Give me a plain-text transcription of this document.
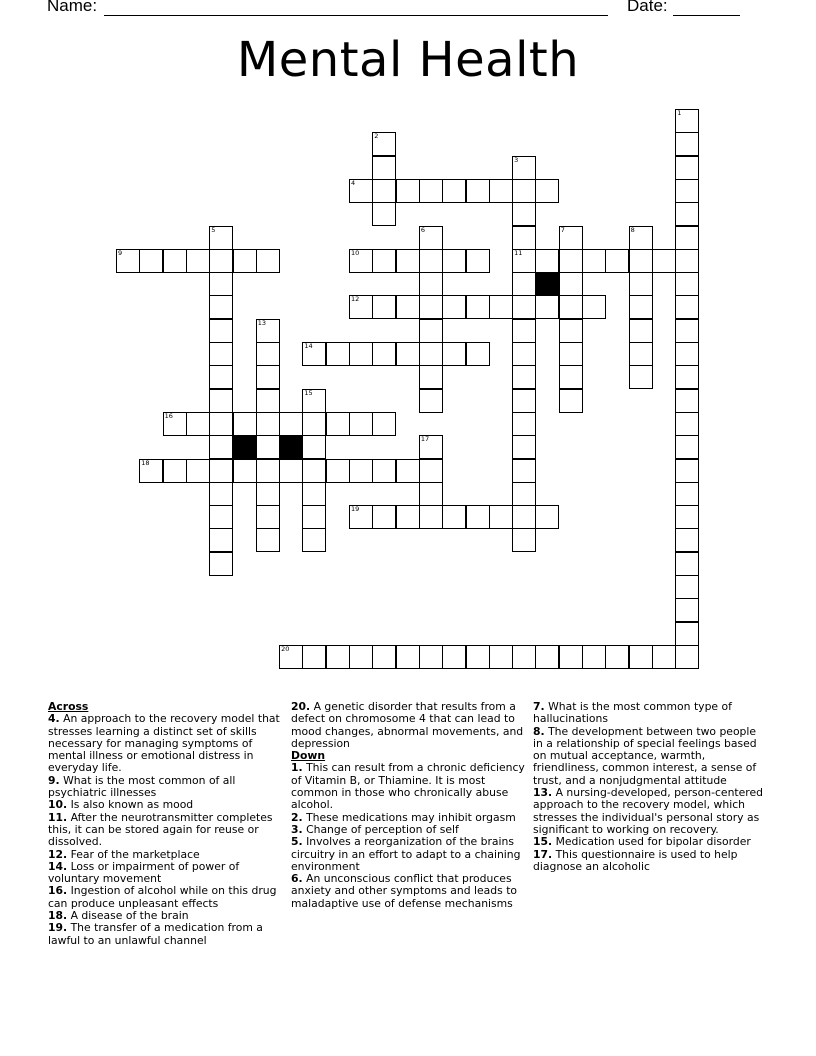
Name:	Date:
Mental Health
1
2
3
11
4
5	6	7	8
9	10
12
13
14
15
16
17
18
19
20
Across

4. An approach to the recovery model that stresses learning a distinct set of skills necessary for managing symptoms of mental illness or emotional distress in everyday life.

9. What is the most common of all psychiatric illnesses

10. Is also known as mood

11. After the neurotransmitter completes this, it can be stored again for reuse or dissolved.

12. Fear of the marketplace

14. Loss or impairment of power of voluntary movement

16. Ingestion of alcohol while on this drug can produce unpleasant effects

18. A disease of the brain

19. The transfer of a medication from a lawful to an unlawful channel

20. A genetic disorder that results from a defect on chromosome 4 that can lead to mood changes, abnormal movements, and depression

Down

1. This can result from a chronic deficiency of Vitamin B, or Thiamine. It is most common in those who chronically abuse alcohol.

2. These medications may inhibit orgasm

3. Change of perception of self

5. Involves a reorganization of the brains circuitry in an effort to adapt to a chaining environment

6. An unconscious conflict that produces anxiety and other symptoms and leads to maladaptive use of defense mechanisms

7. What is the most common type of hallucinations

8. The development between two people in a relationship of special feelings based on mutual acceptance, warmth, friendliness, common interest, a sense of trust, and a nonjudgmental attitude

13. A nursing-developed, person-centered approach to the recovery model, which stresses the individual's personal story as significant to working on recovery.

15. Medication used for bipolar disorder

17. This questionnaire is used to help diagnose an alcoholic
